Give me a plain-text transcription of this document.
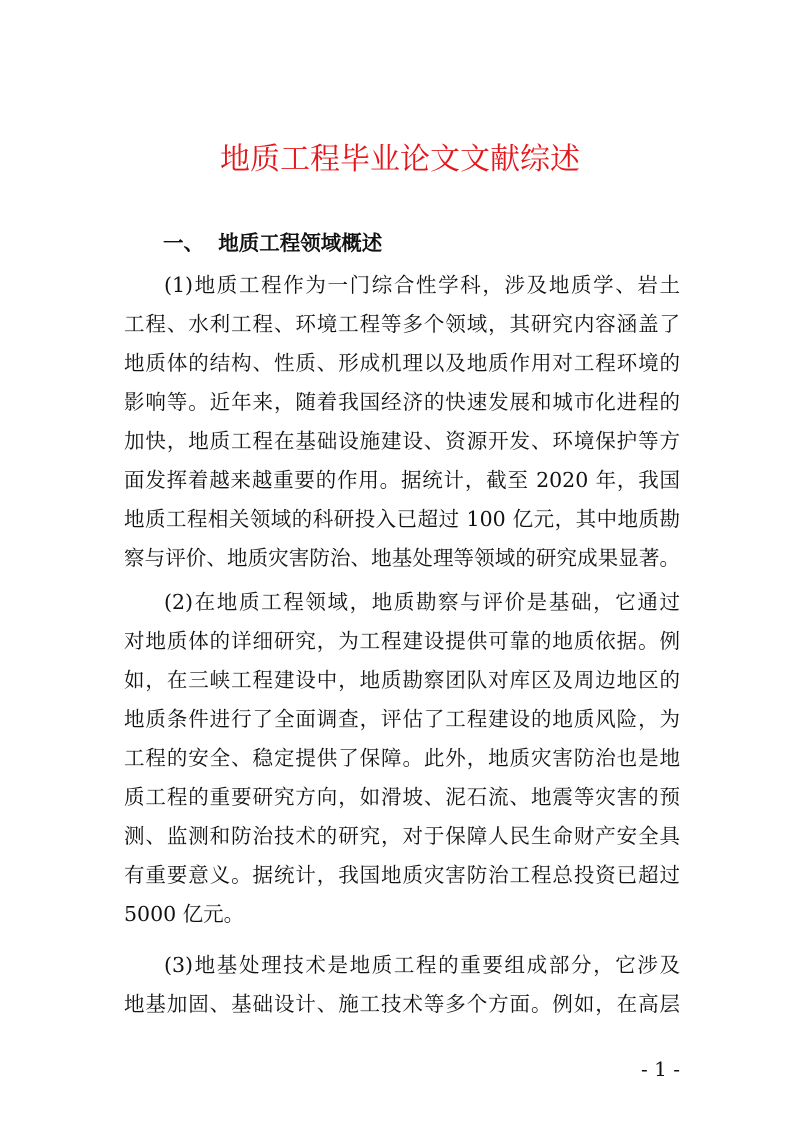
地质工程毕业论文文献综述
一、  地质工程领域概述
(1)地质工程作为一门综合性学科，涉及地质学、岩土
工程、水利工程、环境工程等多个领域，其研究内容涵盖了
地质体的结构、性质、形成机理以及地质作用对工程环境的
影响等。近年来，随着我国经济的快速发展和城市化进程的
加快，地质工程在基础设施建设、资源开发、环境保护等方
面发挥着越来越重要的作用。据统计，截至 2020 年，我国
地质工程相关领域的科研投入已超过 100 亿元，其中地质勘
察与评价、地质灾害防治、地基处理等领域的研究成果显著。
(2)在地质工程领域，地质勘察与评价是基础，它通过
对地质体的详细研究，为工程建设提供可靠的地质依据。例
如，在三峡工程建设中，地质勘察团队对库区及周边地区的
地质条件进行了全面调查，评估了工程建设的地质风险，为
工程的安全、稳定提供了保障。此外，地质灾害防治也是地
质工程的重要研究方向，如滑坡、泥石流、地震等灾害的预
测、监测和防治技术的研究，对于保障人民生命财产安全具
有重要意义。据统计，我国地质灾害防治工程总投资已超过
5000 亿元。
(3)地基处理技术是地质工程的重要组成部分，它涉及
地基加固、基础设计、施工技术等多个方面。例如，在高层
- 1 -
